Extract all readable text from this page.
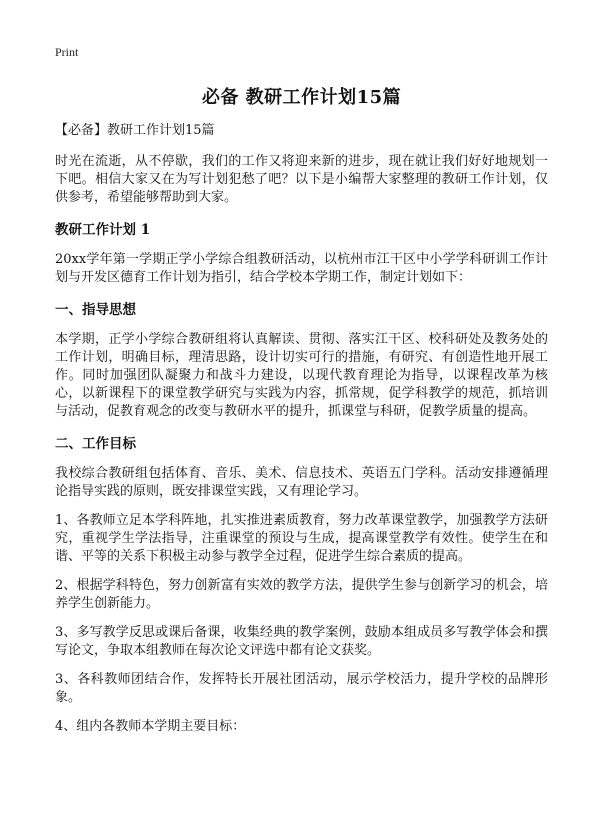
Print
必备 教研工作计划15篇
【必备】教研工作计划15篇

时光在流逝，从不停歇，我们的工作又将迎来新的进步，现在就让我们好好地规划一下吧。相信大家又在为写计划犯愁了吧？以下是小编帮大家整理的教研工作计划，仅供参考，希望能够帮助到大家。

教研工作计划 1

20xx学年第一学期正学小学综合组教研活动，以杭州市江干区中小学学科研训工作计划与开发区德育工作计划为指引，结合学校本学期工作，制定计划如下：

一、指导思想

本学期，正学小学综合教研组将认真解读、贯彻、落实江干区、校科研处及教务处的工作计划，明确目标，理清思路，设计切实可行的措施，有研究、有创造性地开展工作。同时加强团队凝聚力和战斗力建设，以现代教育理论为指导，以课程改革为核心，以新课程下的课堂教学研究与实践为内容，抓常规，促学科教学的规范，抓培训与活动，促教育观念的改变与教研水平的提升，抓课堂与科研，促教学质量的提高。

二、工作目标

我校综合教研组包括体育、音乐、美术、信息技术、英语五门学科。活动安排遵循理论指导实践的原则，既安排课堂实践，又有理论学习。

1、各教师立足本学科阵地，扎实推进素质教育，努力改革课堂教学，加强教学方法研究，重视学生学法指导，注重课堂的预设与生成，提高课堂教学有效性。使学生在和谐、平等的关系下积极主动参与教学全过程，促进学生综合素质的提高。

2、根据学科特色，努力创新富有实效的教学方法，提供学生参与创新学习的机会，培养学生创新能力。

3、多写教学反思或课后备课，收集经典的教学案例，鼓励本组成员多写教学体会和撰写论文，争取本组教师在每次论文评选中都有论文获奖。

3、各科教师团结合作，发挥特长开展社团活动，展示学校活力，提升学校的品牌形象。

4、组内各教师本学期主要目标：
